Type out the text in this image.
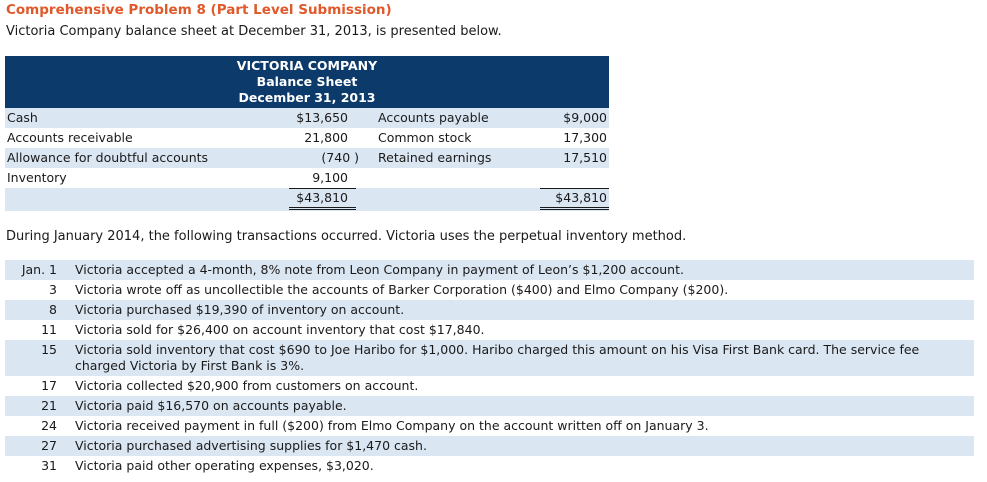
Comprehensive Problem 8 (Part Level Submission)
Victoria Company balance sheet at December 31, 2013, is presented below.
VICTORIA COMPANY
Balance Sheet
December 31, 2013
Cash	$13,650 Accounts payable	$9,000
Accounts receivable	21,800 Common stock	17,300
Allowance for doubtful accounts	(740 ) Retained earnings	17,510
Inventory	9,100
$43,810	$43,810
During January 2014, the following transactions occurred. Victoria uses the perpetual inventory method.
Jan. 1 Victoria accepted a 4-month, 8% note from Leon Company in payment of Leon’s $1,200 account.
3 Victoria wrote off as uncollectible the accounts of Barker Corporation ($400) and Elmo Company ($200).
8 Victoria purchased $19,390 of inventory on account.
11 Victoria sold for $26,400 on account inventory that cost $17,840.
15 Victoria sold inventory that cost $690 to Joe Haribo for $1,000. Haribo charged this amount on his Visa First Bank card. The service fee charged Victoria by First Bank is 3%.
17 Victoria collected $20,900 from customers on account.
21 Victoria paid $16,570 on accounts payable.
24 Victoria received payment in full ($200) from Elmo Company on the account written off on January 3.
27 Victoria purchased advertising supplies for $1,470 cash.
31 Victoria paid other operating expenses, $3,020.
